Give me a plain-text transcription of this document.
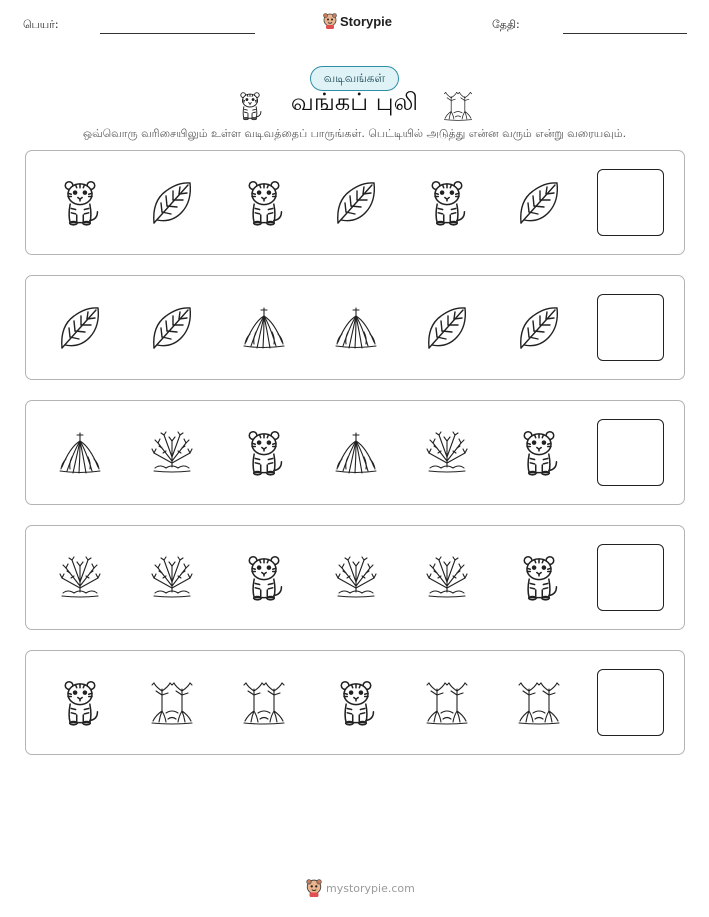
பெயர்:	Storypie	தேதி:
வடிவங்கள்
வங்கப் புலி
ஒவ்வொரு வரிசையிலும் உள்ள வடிவத்தைப் பாருங்கள். பெட்டியில் அடுத்து என்ன வரும் என்று வரையவும்.
mystorypie.com
